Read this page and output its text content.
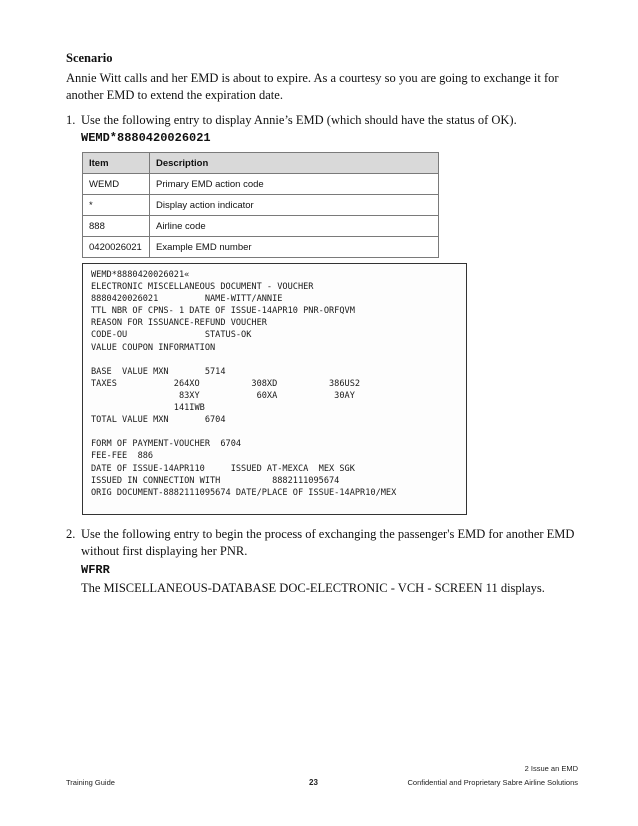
Scenario
Annie Witt calls and her EMD is about to expire. As a courtesy so you are going to exchange it for another EMD to extend the expiration date.
1. Use the following entry to display Annie’s EMD (which should have the status of OK).
WEMD*8880420026021
Item	Description
WEMD	Primary EMD action code
*	Display action indicator
888	Airline code
0420026021	Example EMD number
WEMD*8880420026021«
ELECTRONIC MISCELLANEOUS DOCUMENT - VOUCHER
8880420026021         NAME-WITT/ANNIE
TTL NBR OF CPNS- 1 DATE OF ISSUE-14APR10 PNR-ORFQVM
REASON FOR ISSUANCE-REFUND VOUCHER
CODE-OU               STATUS-OK
VALUE COUPON INFORMATION

BASE  VALUE MXN       5714
TAXES           264XO          308XD          386US2
83XY           60XA           30AY
141IWB
TOTAL VALUE MXN       6704

FORM OF PAYMENT-VOUCHER  6704
FEE-FEE  886
DATE OF ISSUE-14APR110     ISSUED AT-MEXCA  MEX SGK
ISSUED IN CONNECTION WITH          8882111095674
ORIG DOCUMENT-8882111095674 DATE/PLACE OF ISSUE-14APR10/MEX
2. Use the following entry to begin the process of exchanging the passenger's EMD for another EMD without first displaying her PNR.
WFRR
The MISCELLANEOUS-DATABASE DOC-ELECTRONIC - VCH - SCREEN 11 displays.
2 Issue an EMD
Training Guide	23	Confidential and Proprietary Sabre Airline Solutions
